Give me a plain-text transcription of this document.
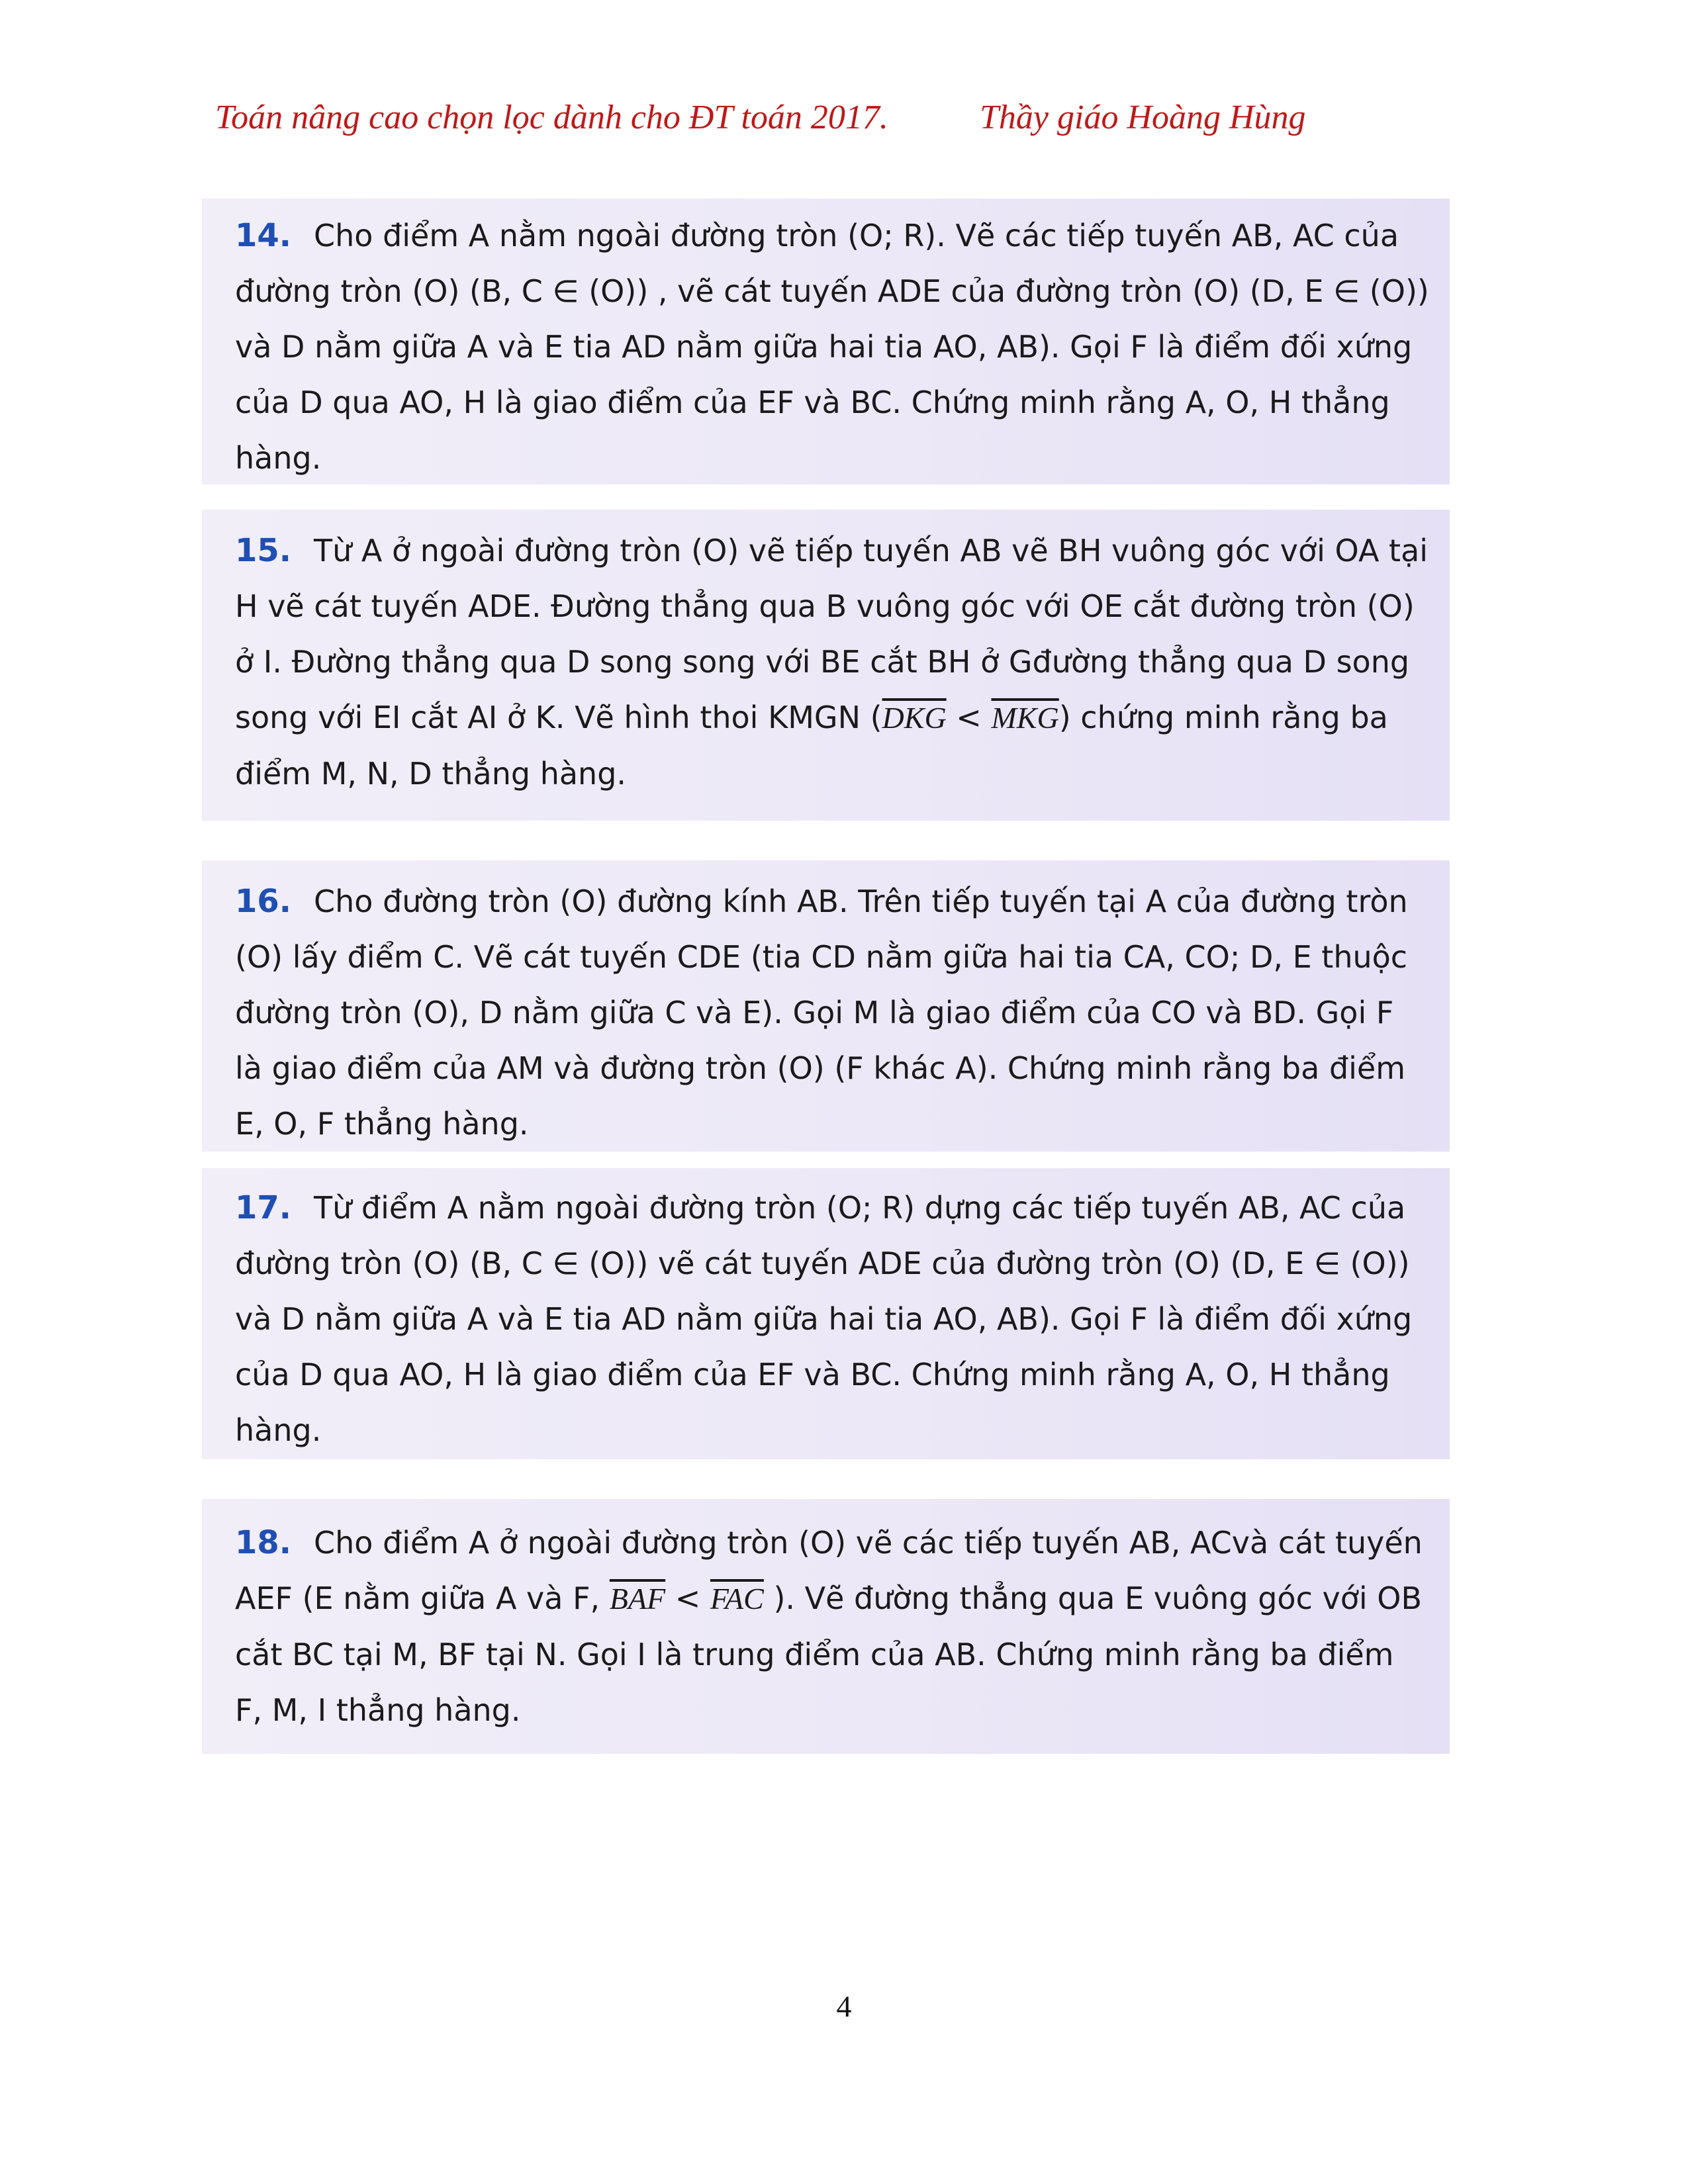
Toán nâng cao chọn lọc dành cho ĐT toán 2017.	Thầy giáo Hoàng Hùng
14. Cho điểm A nằm ngoài đường tròn (O; R). Vẽ các tiếp tuyến AB, AC của đường tròn (O) (B, C ∈ (O)) , vẽ cát tuyến ADE của đường tròn (O) (D, E ∈ (O)) và D nằm giữa A và E tia AD nằm giữa hai tia AO, AB). Gọi F là điểm đối xứng của D qua AO, H là giao điểm của EF và BC. Chứng minh rằng A, O, H thẳng hàng.
15. Từ A ở ngoài đường tròn (O) vẽ tiếp tuyến AB vẽ BH vuông góc với OA tại H vẽ cát tuyến ADE. Đường thẳng qua B vuông góc với OE cắt đường tròn (O) ở I. Đường thẳng qua D song song với BE cắt BH ở Gđường thẳng qua D song song với EI cắt AI ở K. Vẽ hình thoi KMGN $(\overline{DKG} < \overline{MKG})$ chứng minh rằng ba điểm M, N, D thẳng hàng.
16. Cho đường tròn (O) đường kính AB. Trên tiếp tuyến tại A của đường tròn (O) lấy điểm C. Vẽ cát tuyến CDE (tia CD nằm giữa hai tia CA, CO; D, E thuộc đường tròn (O), D nằm giữa C và E). Gọi M là giao điểm của CO và BD. Gọi F là giao điểm của AM và đường tròn (O) (F khác A). Chứng minh rằng ba điểm E, O, F thẳng hàng.
17. Từ điểm A nằm ngoài đường tròn (O; R) dựng các tiếp tuyến AB, AC của đường tròn (O) (B, C ∈ (O)) vẽ cát tuyến ADE của đường tròn (O) (D, E ∈ (O)) và D nằm giữa A và E tia AD nằm giữa hai tia AO, AB). Gọi F là điểm đối xứng của D qua AO, H là giao điểm của EF và BC. Chứng minh rằng A, O, H thẳng hàng.
18. Cho điểm A ở ngoài đường tròn (O) vẽ các tiếp tuyến AB, ACvà cát tuyến AEF (E nằm giữa A và F, $\overline{BAF} < \overline{FAC}$ ). Vẽ đường thẳng qua E vuông góc với OB cắt BC tại M, BF tại N. Gọi I là trung điểm của AB. Chứng minh rằng ba điểm F, M, I thẳng hàng.
4
